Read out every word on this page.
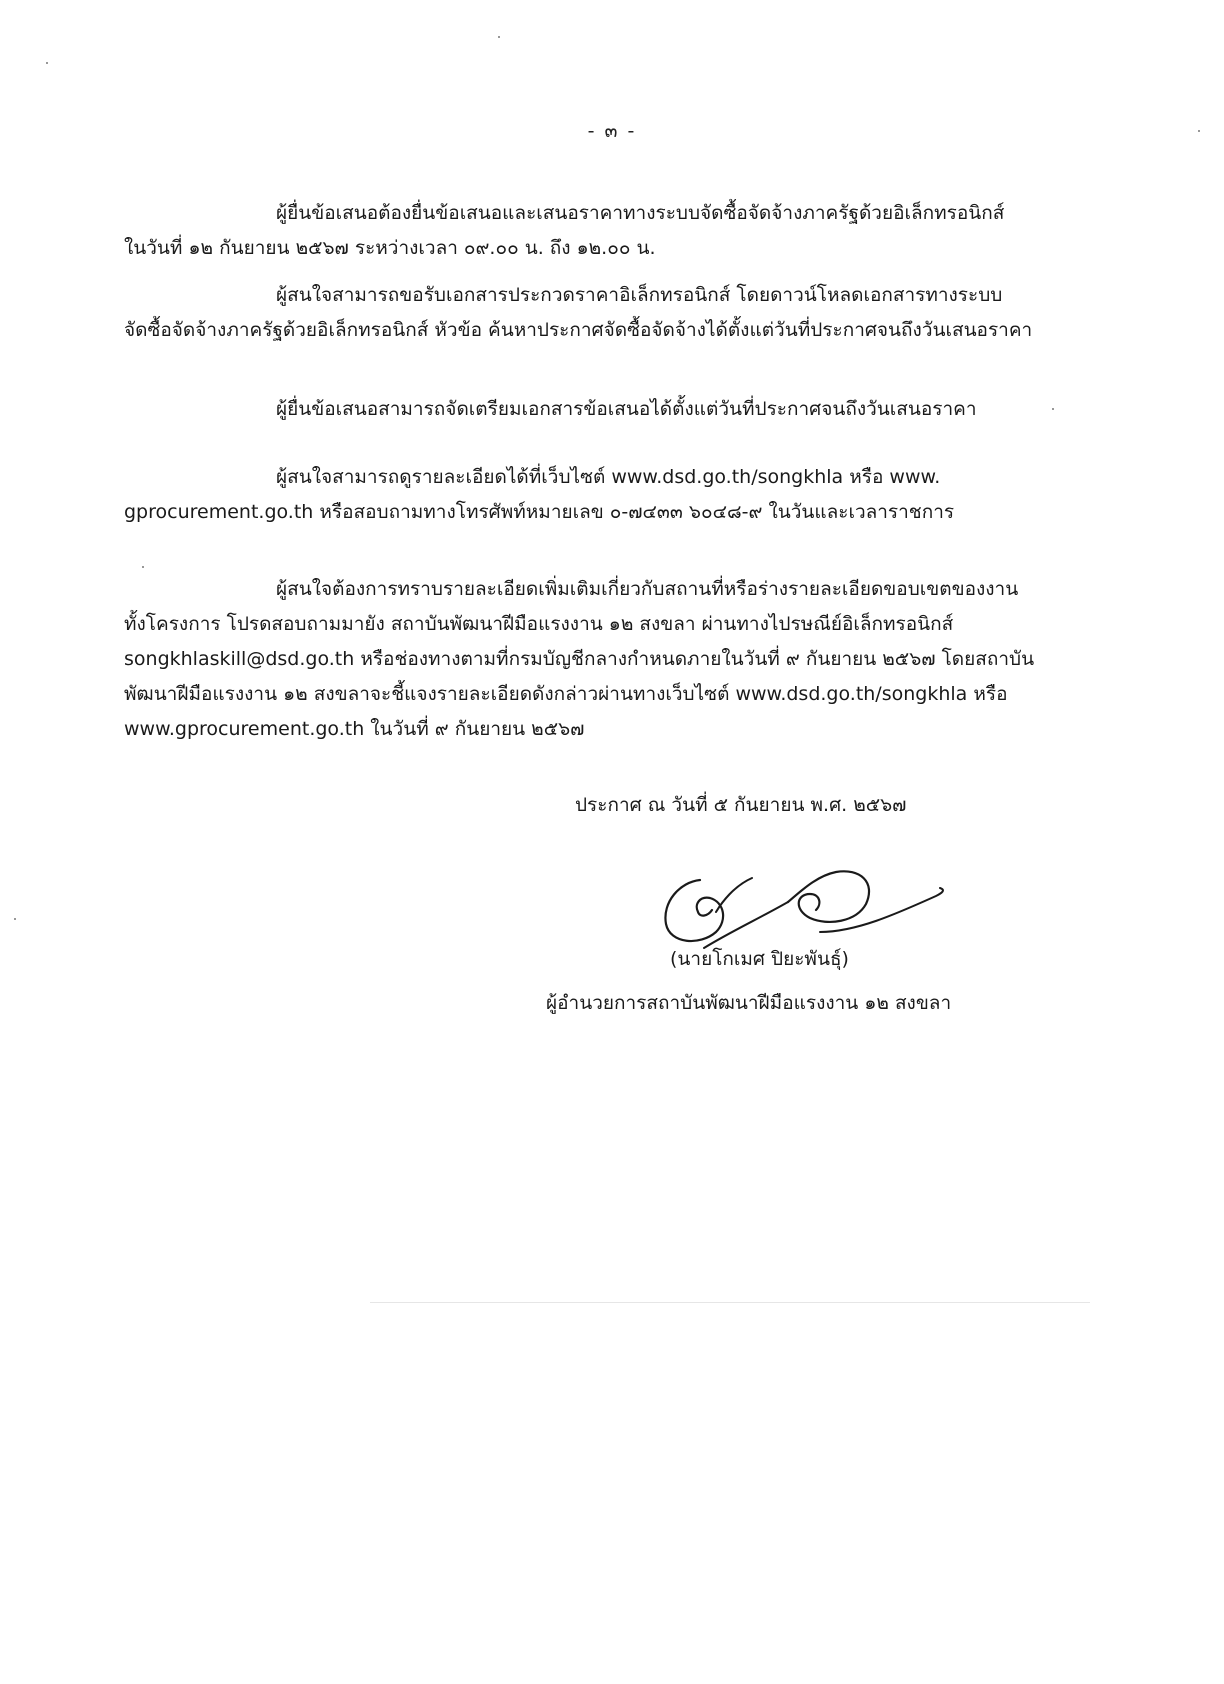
- ๓ -
ผู้ยื่นข้อเสนอต้องยื่นข้อเสนอและเสนอราคาทางระบบจัดซื้อจัดจ้างภาครัฐด้วยอิเล็กทรอนิกส์
ในวันที่ ๑๒ กันยายน ๒๕๖๗ ระหว่างเวลา ๐๙.๐๐ น. ถึง ๑๒.๐๐ น.
ผู้สนใจสามารถขอรับเอกสารประกวดราคาอิเล็กทรอนิกส์ โดยดาวน์โหลดเอกสารทางระบบ
จัดซื้อจัดจ้างภาครัฐด้วยอิเล็กทรอนิกส์ หัวข้อ ค้นหาประกาศจัดซื้อจัดจ้างได้ตั้งแต่วันที่ประกาศจนถึงวันเสนอราคา
ผู้ยื่นข้อเสนอสามารถจัดเตรียมเอกสารข้อเสนอได้ตั้งแต่วันที่ประกาศจนถึงวันเสนอราคา
ผู้สนใจสามารถดูรายละเอียดได้ที่เว็บไซต์ www.dsd.go.th/songkhla หรือ www.
gprocurement.go.th หรือสอบถามทางโทรศัพท์หมายเลข ๐-๗๔๓๓ ๖๐๔๘-๙ ในวันและเวลาราชการ
ผู้สนใจต้องการทราบรายละเอียดเพิ่มเติมเกี่ยวกับสถานที่หรือร่างรายละเอียดขอบเขตของงาน
ทั้งโครงการ โปรดสอบถามมายัง สถาบันพัฒนาฝีมือแรงงาน ๑๒ สงขลา ผ่านทางไปรษณีย์อิเล็กทรอนิกส์
songkhlaskill@dsd.go.th หรือช่องทางตามที่กรมบัญชีกลางกำหนดภายในวันที่ ๙ กันยายน ๒๕๖๗ โดยสถาบัน
พัฒนาฝีมือแรงงาน ๑๒ สงขลาจะชี้แจงรายละเอียดดังกล่าวผ่านทางเว็บไซต์ www.dsd.go.th/songkhla หรือ
www.gprocurement.go.th ในวันที่ ๙ กันยายน ๒๕๖๗
ประกาศ ณ วันที่ ๕ กันยายน พ.ศ. ๒๕๖๗
(นายโกเมศ ปิยะพันธุ์)
ผู้อำนวยการสถาบันพัฒนาฝีมือแรงงาน ๑๒ สงขลา
